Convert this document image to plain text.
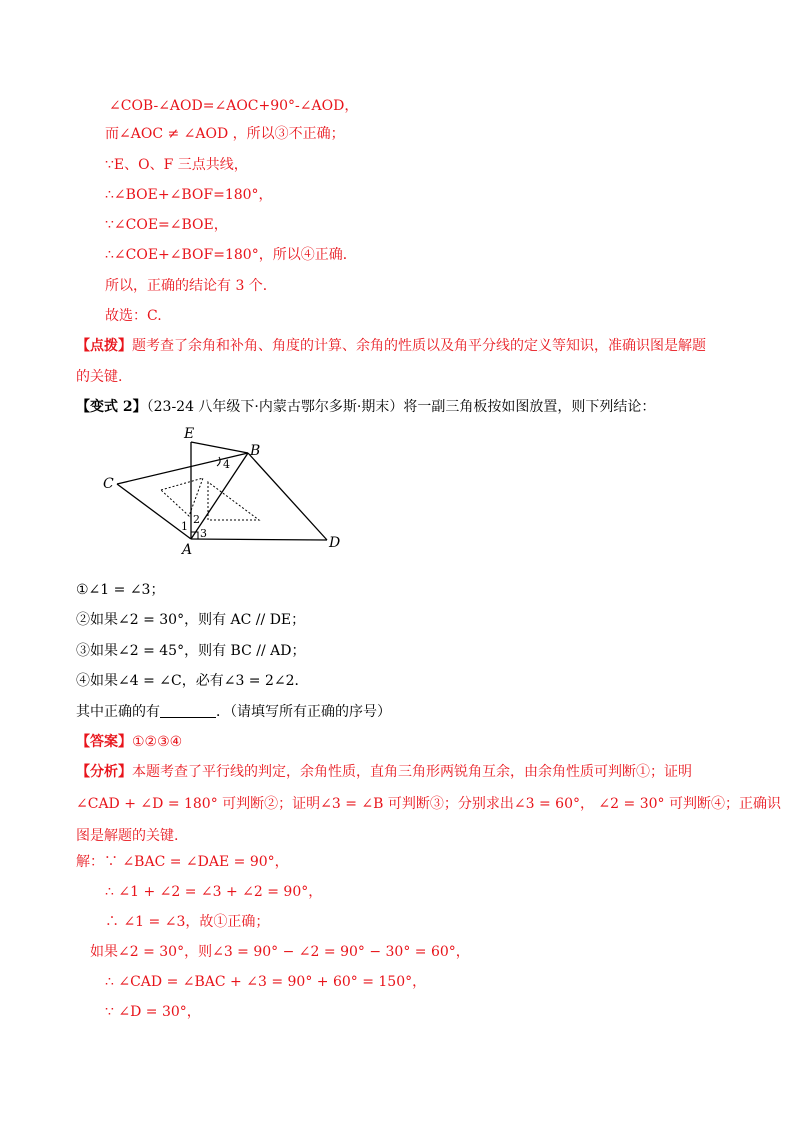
∠COB-∠AOD=∠AOC+90°-∠AOD，
而∠AOC ≠ ∠AOD ，所以③不正确；
∵E、O、F 三点共线，
∴∠BOE+∠BOF=180°，
∵∠COE=∠BOE，
∴∠COE+∠BOF=180°，所以④正确．
所以，正确的结论有 3 个．
故选：C.
【点拨】题考查了余角和补角、角度的计算、余角的性质以及角平分线的定义等知识，准确识图是解题
的关键.
【变式 2】（23-24 八年级下·内蒙古鄂尔多斯·期末）将一副三角板按如图放置，则下列结论：
E
B
C
D
A
1
2
3
4
①∠1 = ∠3；
②如果∠2 = 30°，则有 AC // DE；
③如果∠2 = 45°，则有 BC // AD；
④如果∠4 = ∠C，必有∠3 = 2∠2．
其中正确的有	．（请填写所有正确的序号）
【答案】①②③④
【分析】本题考查了平行线的判定，余角性质，直角三角形两锐角互余，由余角性质可判断①；证明
∠CAD + ∠D = 180° 可判断②；证明∠3 = ∠B 可判断③；分别求出∠3 = 60°， ∠2 = 30° 可判断④；正确识
图是解题的关键.
解：∵ ∠BAC = ∠DAE = 90°，
∴ ∠1 + ∠2 = ∠3 + ∠2 = 90°，
∴ ∠1 = ∠3，故①正确；
如果∠2 = 30°，则∠3 = 90° − ∠2 = 90° − 30° = 60°，
∴ ∠CAD = ∠BAC + ∠3 = 90° + 60° = 150°，
∵ ∠D = 30°，
